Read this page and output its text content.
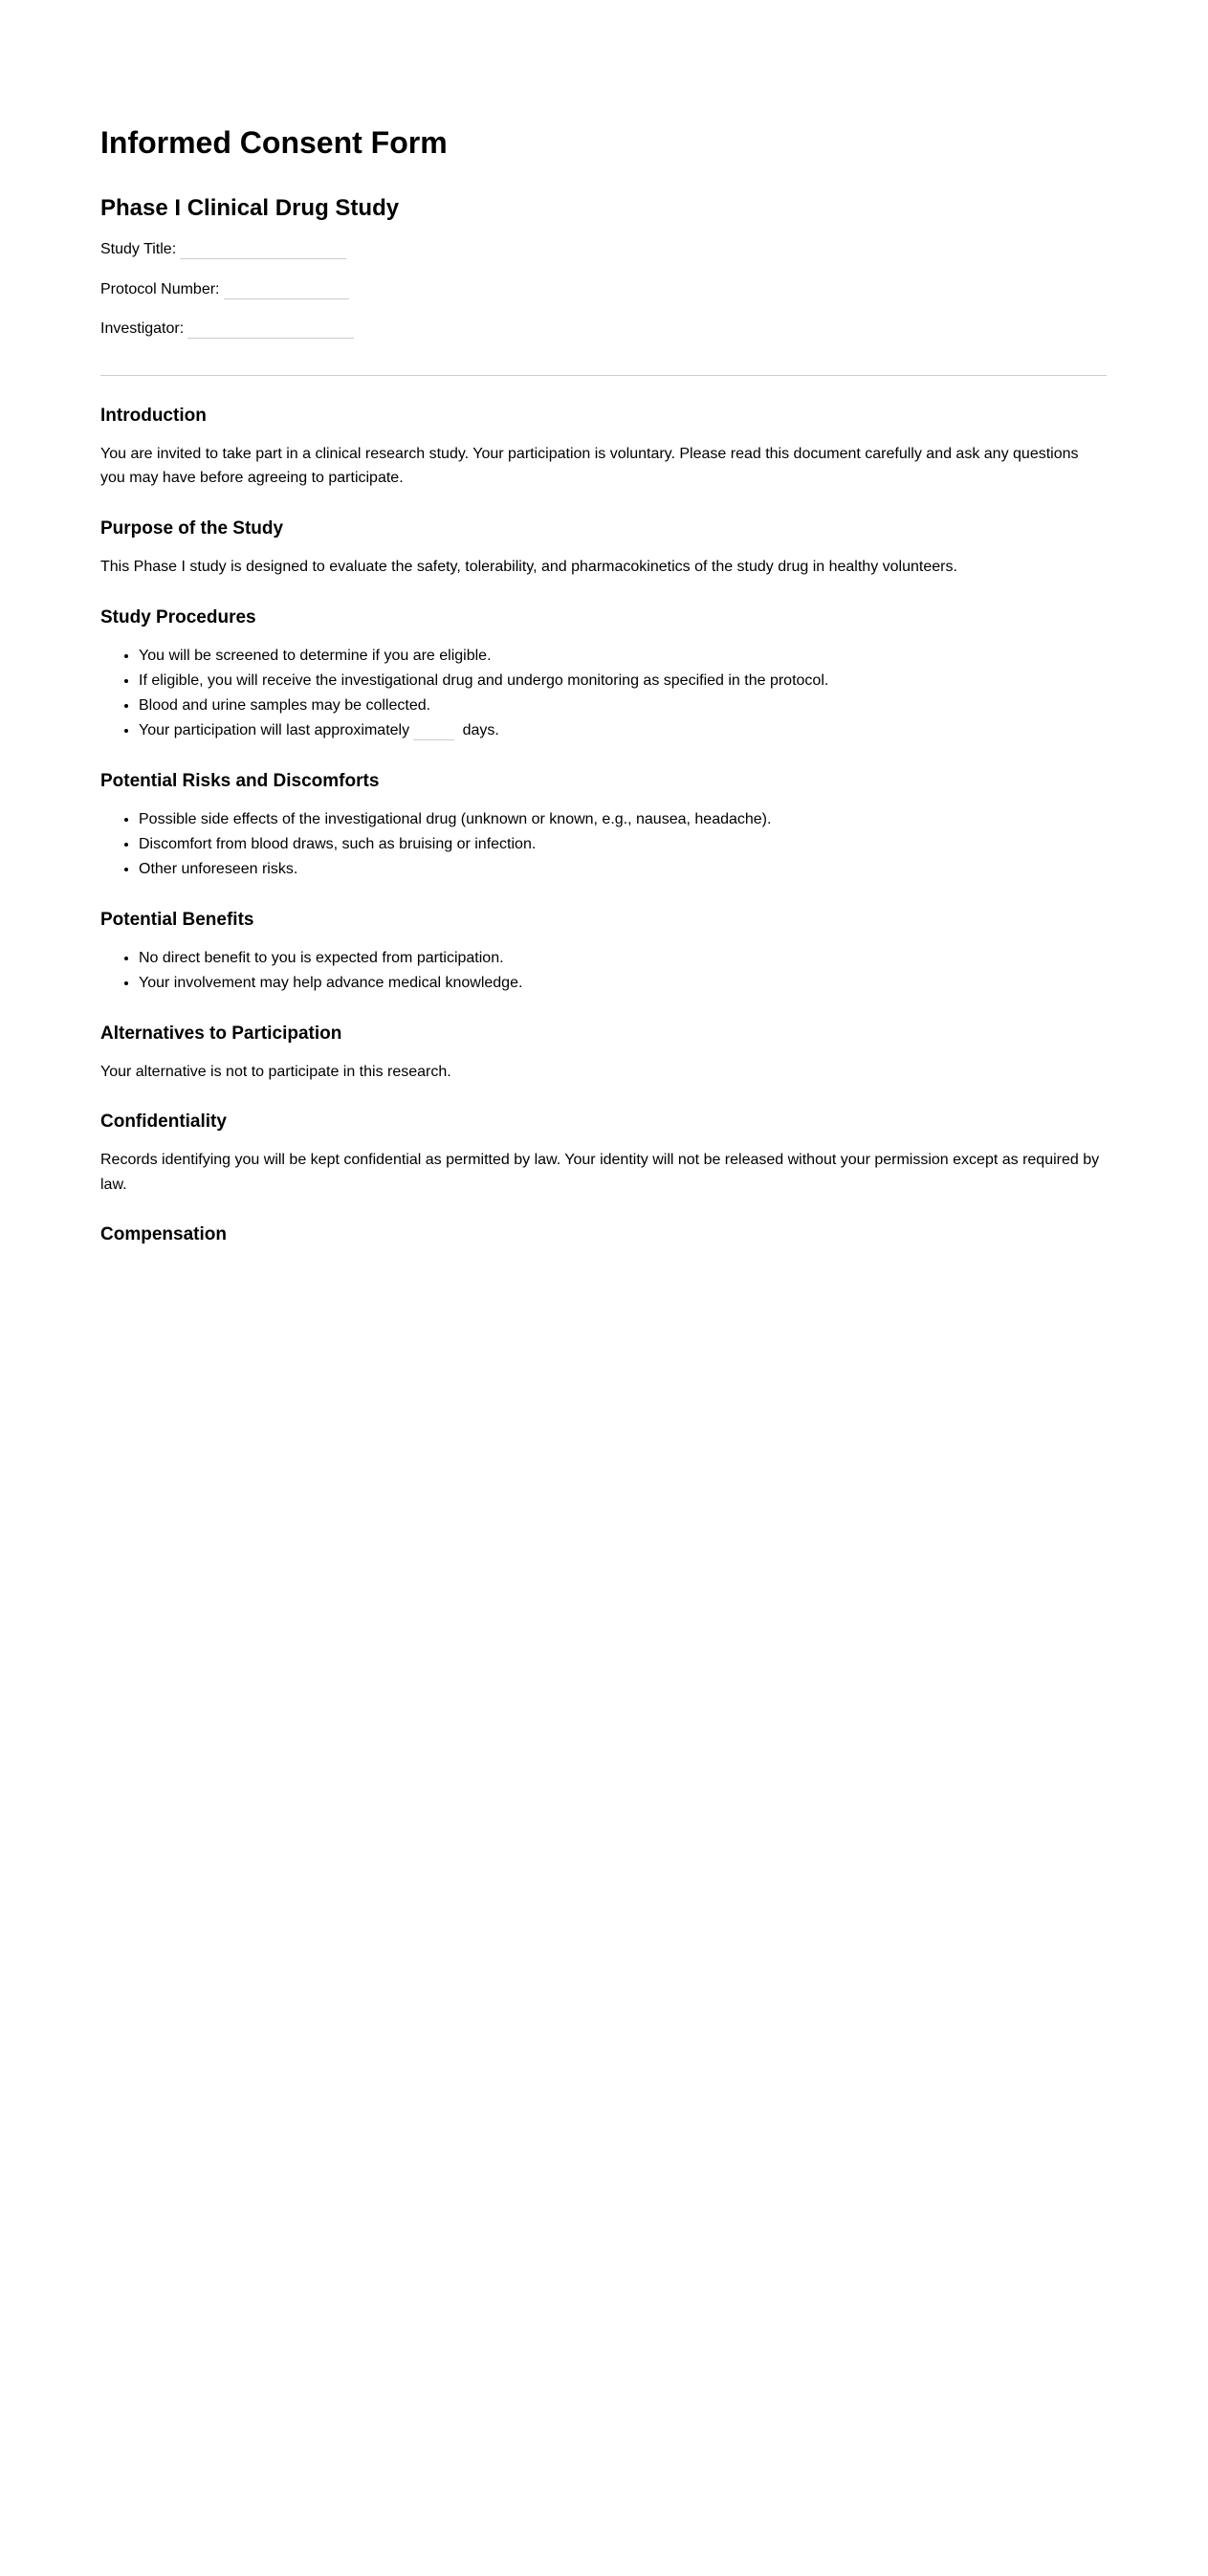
Informed Consent Form
Phase I Clinical Drug Study

Study Title:

Protocol Number:

Investigator:

Introduction

You are invited to take part in a clinical research study. Your participation is voluntary. Please read this document carefully and ask any questions you may have before agreeing to participate.

Purpose of the Study

This Phase I study is designed to evaluate the safety, tolerability, and pharmacokinetics of the study drug in healthy volunteers.

Study Procedures
• You will be screened to determine if you are eligible.
• If eligible, you will receive the investigational drug and undergo monitoring as specified in the protocol.
• Blood and urine samples may be collected.
• Your participation will last approximately	days.
Potential Risks and Discomforts
• Possible side effects of the investigational drug (unknown or known, e.g., nausea, headache).
• Discomfort from blood draws, such as bruising or infection.
• Other unforeseen risks.
Potential Benefits
• No direct benefit to you is expected from participation.
• Your involvement may help advance medical knowledge.
Alternatives to Participation

Your alternative is not to participate in this research.

Confidentiality

Records identifying you will be kept confidential as permitted by law. Your identity will not be released without your permission except as required by law.

Compensation
